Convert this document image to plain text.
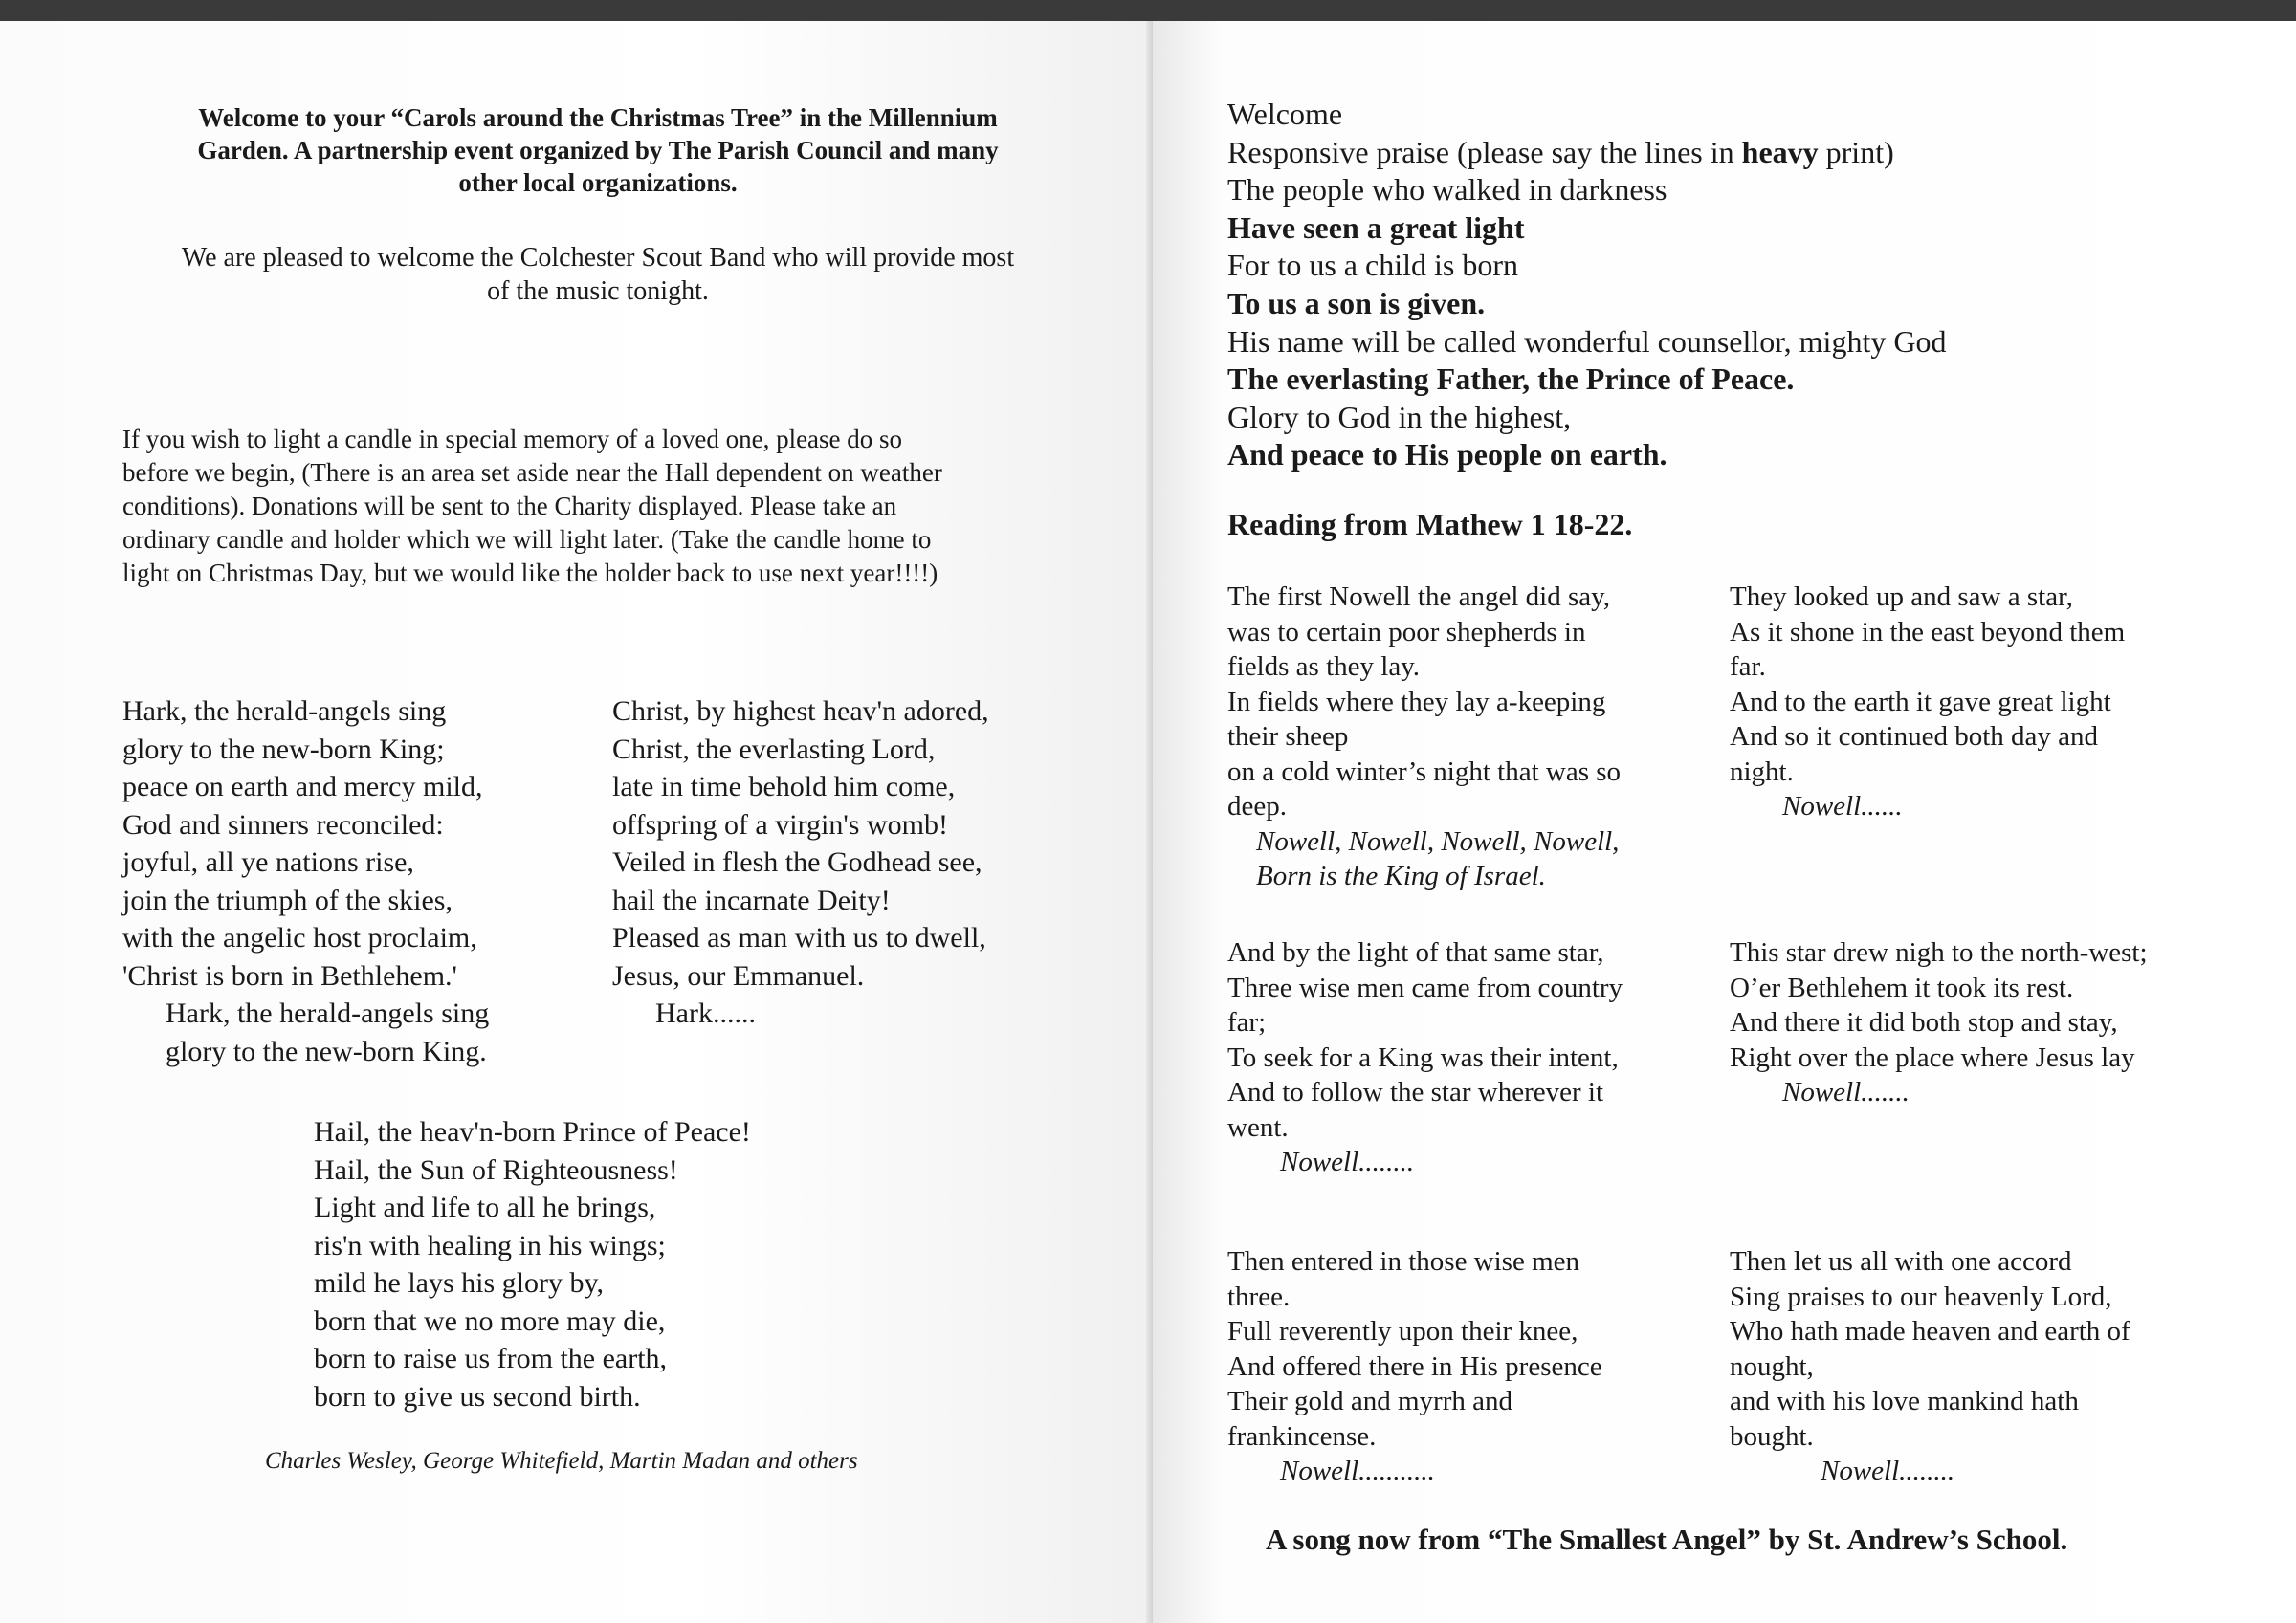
Welcome to your “Carols around the Christmas Tree” in the Millennium
Garden. A partnership event organized by The Parish Council and many
other local organizations.
We are pleased to welcome the Colchester Scout Band who will provide most
of the music tonight.
If you wish to light a candle in special memory of a loved one, please do so
before we begin, (There is an area set aside near the Hall dependent on weather
conditions). Donations will be sent to the Charity displayed. Please take an
ordinary candle and holder which we will light later. (Take the candle home to
light on Christmas Day, but we would like the holder back to use next year!!!!)
Hark, the herald-angels sing
glory to the new-born King;
peace on earth and mercy mild,
God and sinners reconciled:
joyful, all ye nations rise,
join the triumph of the skies,
with the angelic host proclaim,
'Christ is born in Bethlehem.'
Hark, the herald-angels sing
glory to the new-born King.
Christ, by highest heav'n adored,
Christ, the everlasting Lord,
late in time behold him come,
offspring of a virgin's womb!
Veiled in flesh the Godhead see,
hail the incarnate Deity!
Pleased as man with us to dwell,
Jesus, our Emmanuel.
Hark......
Hail, the heav'n-born Prince of Peace!
Hail, the Sun of Righteousness!
Light and life to all he brings,
ris'n with healing in his wings;
mild he lays his glory by,
born that we no more may die,
born to raise us from the earth,
born to give us second birth.
Charles Wesley, George Whitefield, Martin Madan and others
Welcome
Responsive praise (please say the lines in heavy print)
The people who walked in darkness
Have seen a great light
For to us a child is born
To us a son is given.
His name will be called wonderful counsellor, mighty God
The everlasting Father, the Prince of Peace.
Glory to God in the highest,
And peace to His people on earth.
Reading from Mathew 1 18-22.
The first Nowell the angel did say,
was to certain poor shepherds in
fields as they lay.
In fields where they lay a-keeping
their sheep
on a cold winter’s night that was so
deep.
Nowell, Nowell, Nowell, Nowell,
Born is the King of Israel.
They looked up and saw a star,
As it shone in the east beyond them
far.
And to the earth it gave great light
And so it continued both day and
night.
Nowell......
And by the light of that same star,
Three wise men came from country
far;
To seek for a King was their intent,
And to follow the star wherever it
went.
Nowell........
This star drew nigh to the north-west;
O’er Bethlehem it took its rest.
And there it did both stop and stay,
Right over the place where Jesus lay
Nowell.......
Then entered in those wise men
three.
Full reverently upon their knee,
And offered there in His presence
Their gold and myrrh and
frankincense.
Nowell...........
Then let us all with one accord
Sing praises to our heavenly Lord,
Who hath made heaven and earth of
nought,
and with his love mankind hath
bought.
Nowell........
A song now from “The Smallest Angel” by St. Andrew’s School.
